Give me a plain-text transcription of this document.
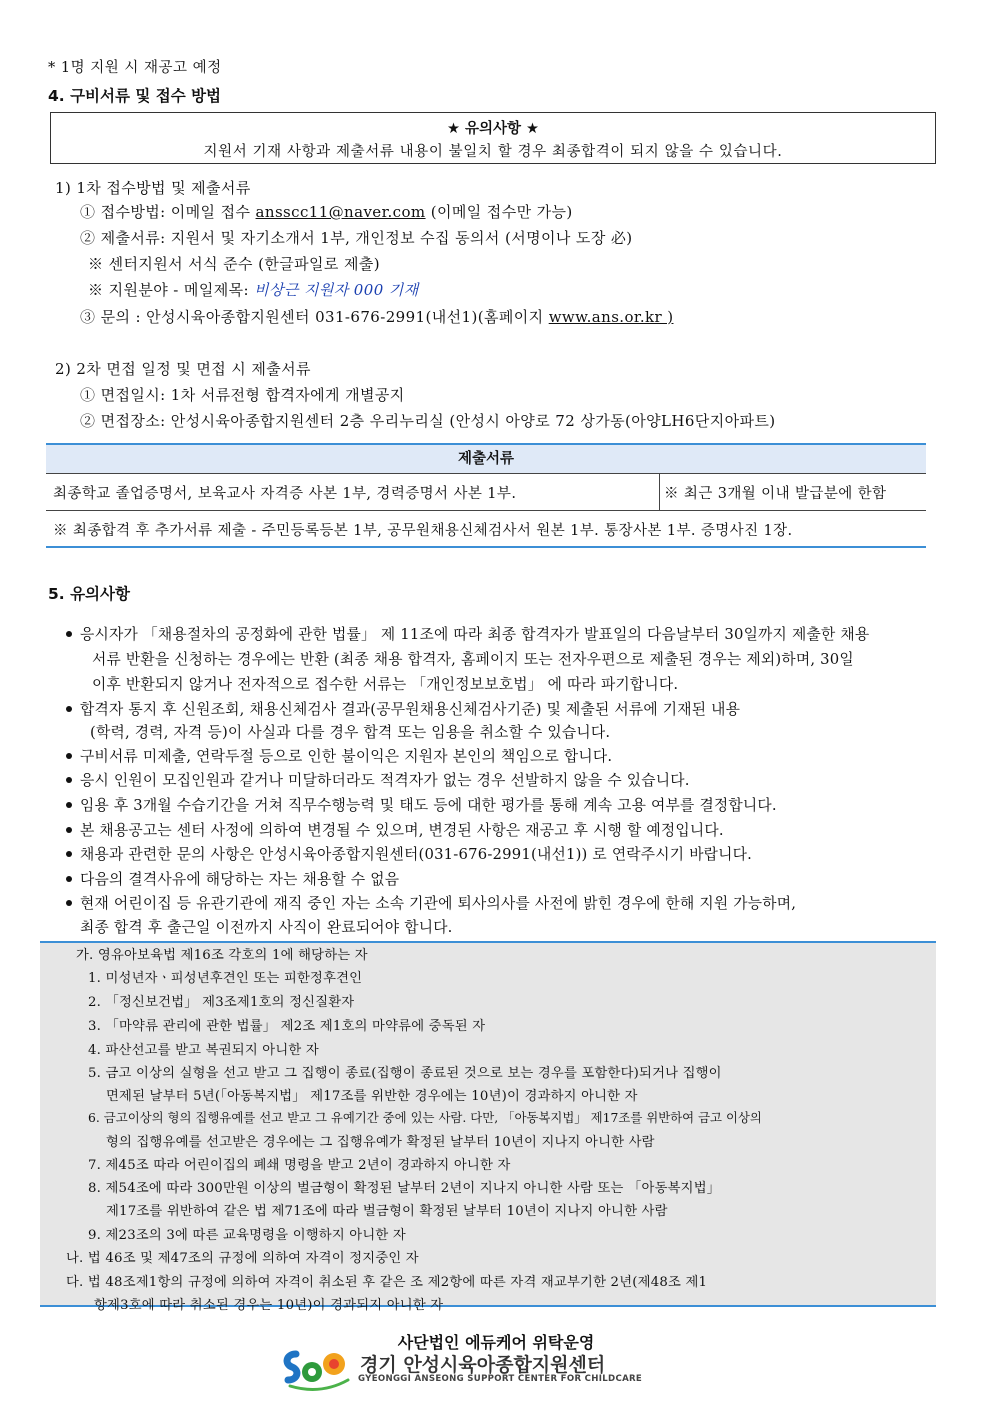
* 1명 지원 시 재공고 예정
4. 구비서류 및 접수 방법
★ 유의사항 ★
지원서 기재 사항과 제출서류 내용이 불일치 할 경우 최종합격이 되지 않을 수 있습니다.
1) 1차 접수방법 및 제출서류
① 접수방법: 이메일 접수 ansscc11@naver.com (이메일 접수만 가능)
② 제출서류: 지원서 및 자기소개서 1부, 개인정보 수집 동의서 (서명이나 도장 必)
※ 센터지원서 서식 준수 (한글파일로 제출)
※ 지원분야 - 메일제목: 비상근 지원자 000 기재
③ 문의 : 안성시육아종합지원센터 031-676-2991(내선1)(홈페이지 www.ans.or.kr )
2) 2차 면접 일정 및 면접 시 제출서류
① 면접일시: 1차 서류전형 합격자에게 개별공지
② 면접장소: 안성시육아종합지원센터 2층 우리누리실 (안성시 아양로 72 상가동(아양LH6단지아파트)
제출서류
최종학교 졸업증명서, 보육교사 자격증 사본 1부, 경력증명서 사본 1부.	※ 최근 3개월 이내 발급분에 한함
※ 최종합격 후 추가서류 제출 - 주민등록등본 1부, 공무원채용신체검사서 원본 1부. 통장사본 1부. 증명사진 1장.
5. 유의사항
응시자가 「채용절차의 공정화에 관한 법률」 제 11조에 따라 최종 합격자가 발표일의 다음날부터 30일까지 제출한 채용
서류 반환을 신청하는 경우에는 반환 (최종 채용 합격자, 홈페이지 또는 전자우편으로 제출된 경우는 제외)하며, 30일
이후 반환되지 않거나 전자적으로 접수한 서류는 「개인정보보호법」 에 따라 파기합니다.
합격자 통지 후 신원조회, 채용신체검사 결과(공무원채용신체검사기준) 및 제출된 서류에 기재된 내용
(학력, 경력, 자격 등)이 사실과 다를 경우 합격 또는 임용을 취소할 수 있습니다.
구비서류 미제출, 연락두절 등으로 인한 불이익은 지원자 본인의 책임으로 합니다.
응시 인원이 모집인원과 같거나 미달하더라도 적격자가 없는 경우 선발하지 않을 수 있습니다.
임용 후 3개월 수습기간을 거쳐 직무수행능력 및 태도 등에 대한 평가를 통해 계속 고용 여부를 결정합니다.
본 채용공고는 센터 사정에 의하여 변경될 수 있으며, 변경된 사항은 재공고 후 시행 할 예정입니다.
채용과 관련한 문의 사항은 안성시육아종합지원센터(031-676-2991(내선1)) 로 연락주시기 바랍니다.
다음의 결격사유에 해당하는 자는 채용할 수 없음
현재 어린이집 등 유관기관에 재직 중인 자는 소속 기관에 퇴사의사를 사전에 밝힌 경우에 한해 지원 가능하며,
최종 합격 후 출근일 이전까지 사직이 완료되어야 합니다.
가. 영유아보육법 제16조 각호의 1에 해당하는 자
1. 미성년자ㆍ피성년후견인 또는 피한정후견인
2. 「정신보건법」 제3조제1호의 정신질환자
3. 「마약류 관리에 관한 법률」 제2조 제1호의 마약류에 중독된 자
4. 파산선고를 받고 복권되지 아니한 자
5. 금고 이상의 실형을 선고 받고 그 집행이 종료(집행이 종료된 것으로 보는 경우를 포함한다)되거나 집행이
면제된 날부터 5년(「아동복지법」 제17조를 위반한 경우에는 10년)이 경과하지 아니한 자
6. 금고이상의 형의 집행유예를 선고 받고 그 유예기간 중에 있는 사람. 다만, 「아동복지법」 제17조를 위반하여 금고 이상의
형의 집행유예를 선고받은 경우에는 그 집행유예가 확정된 날부터 10년이 지나지 아니한 사람
7. 제45조 따라 어린이집의 폐쇄 명령을 받고 2년이 경과하지 아니한 자
8. 제54조에 따라 300만원 이상의 벌금형이 확정된 날부터 2년이 지나지 아니한 사람 또는 「아동복지법」
제17조를 위반하여 같은 법 제71조에 따라 벌금형이 확정된 날부터 10년이 지나지 아니한 사람
9. 제23조의 3에 따른 교육명령을 이행하지 아니한 자
나. 법 46조 및 제47조의 규정에 의하여 자격이 정지중인 자
다. 법 48조제1항의 규정에 의하여 자격이 취소된 후 같은 조 제2항에 따른 자격 재교부기한 2년(제48조 제1
항제3호에 따라 취소된 경우는 10년)이 경과되지 아니한 자
사단법인 에듀케어 위탁운영
경기 안성시육아종합지원센터
GYEONGGI ANSEONG SUPPORT CENTER FOR CHILDCARE
